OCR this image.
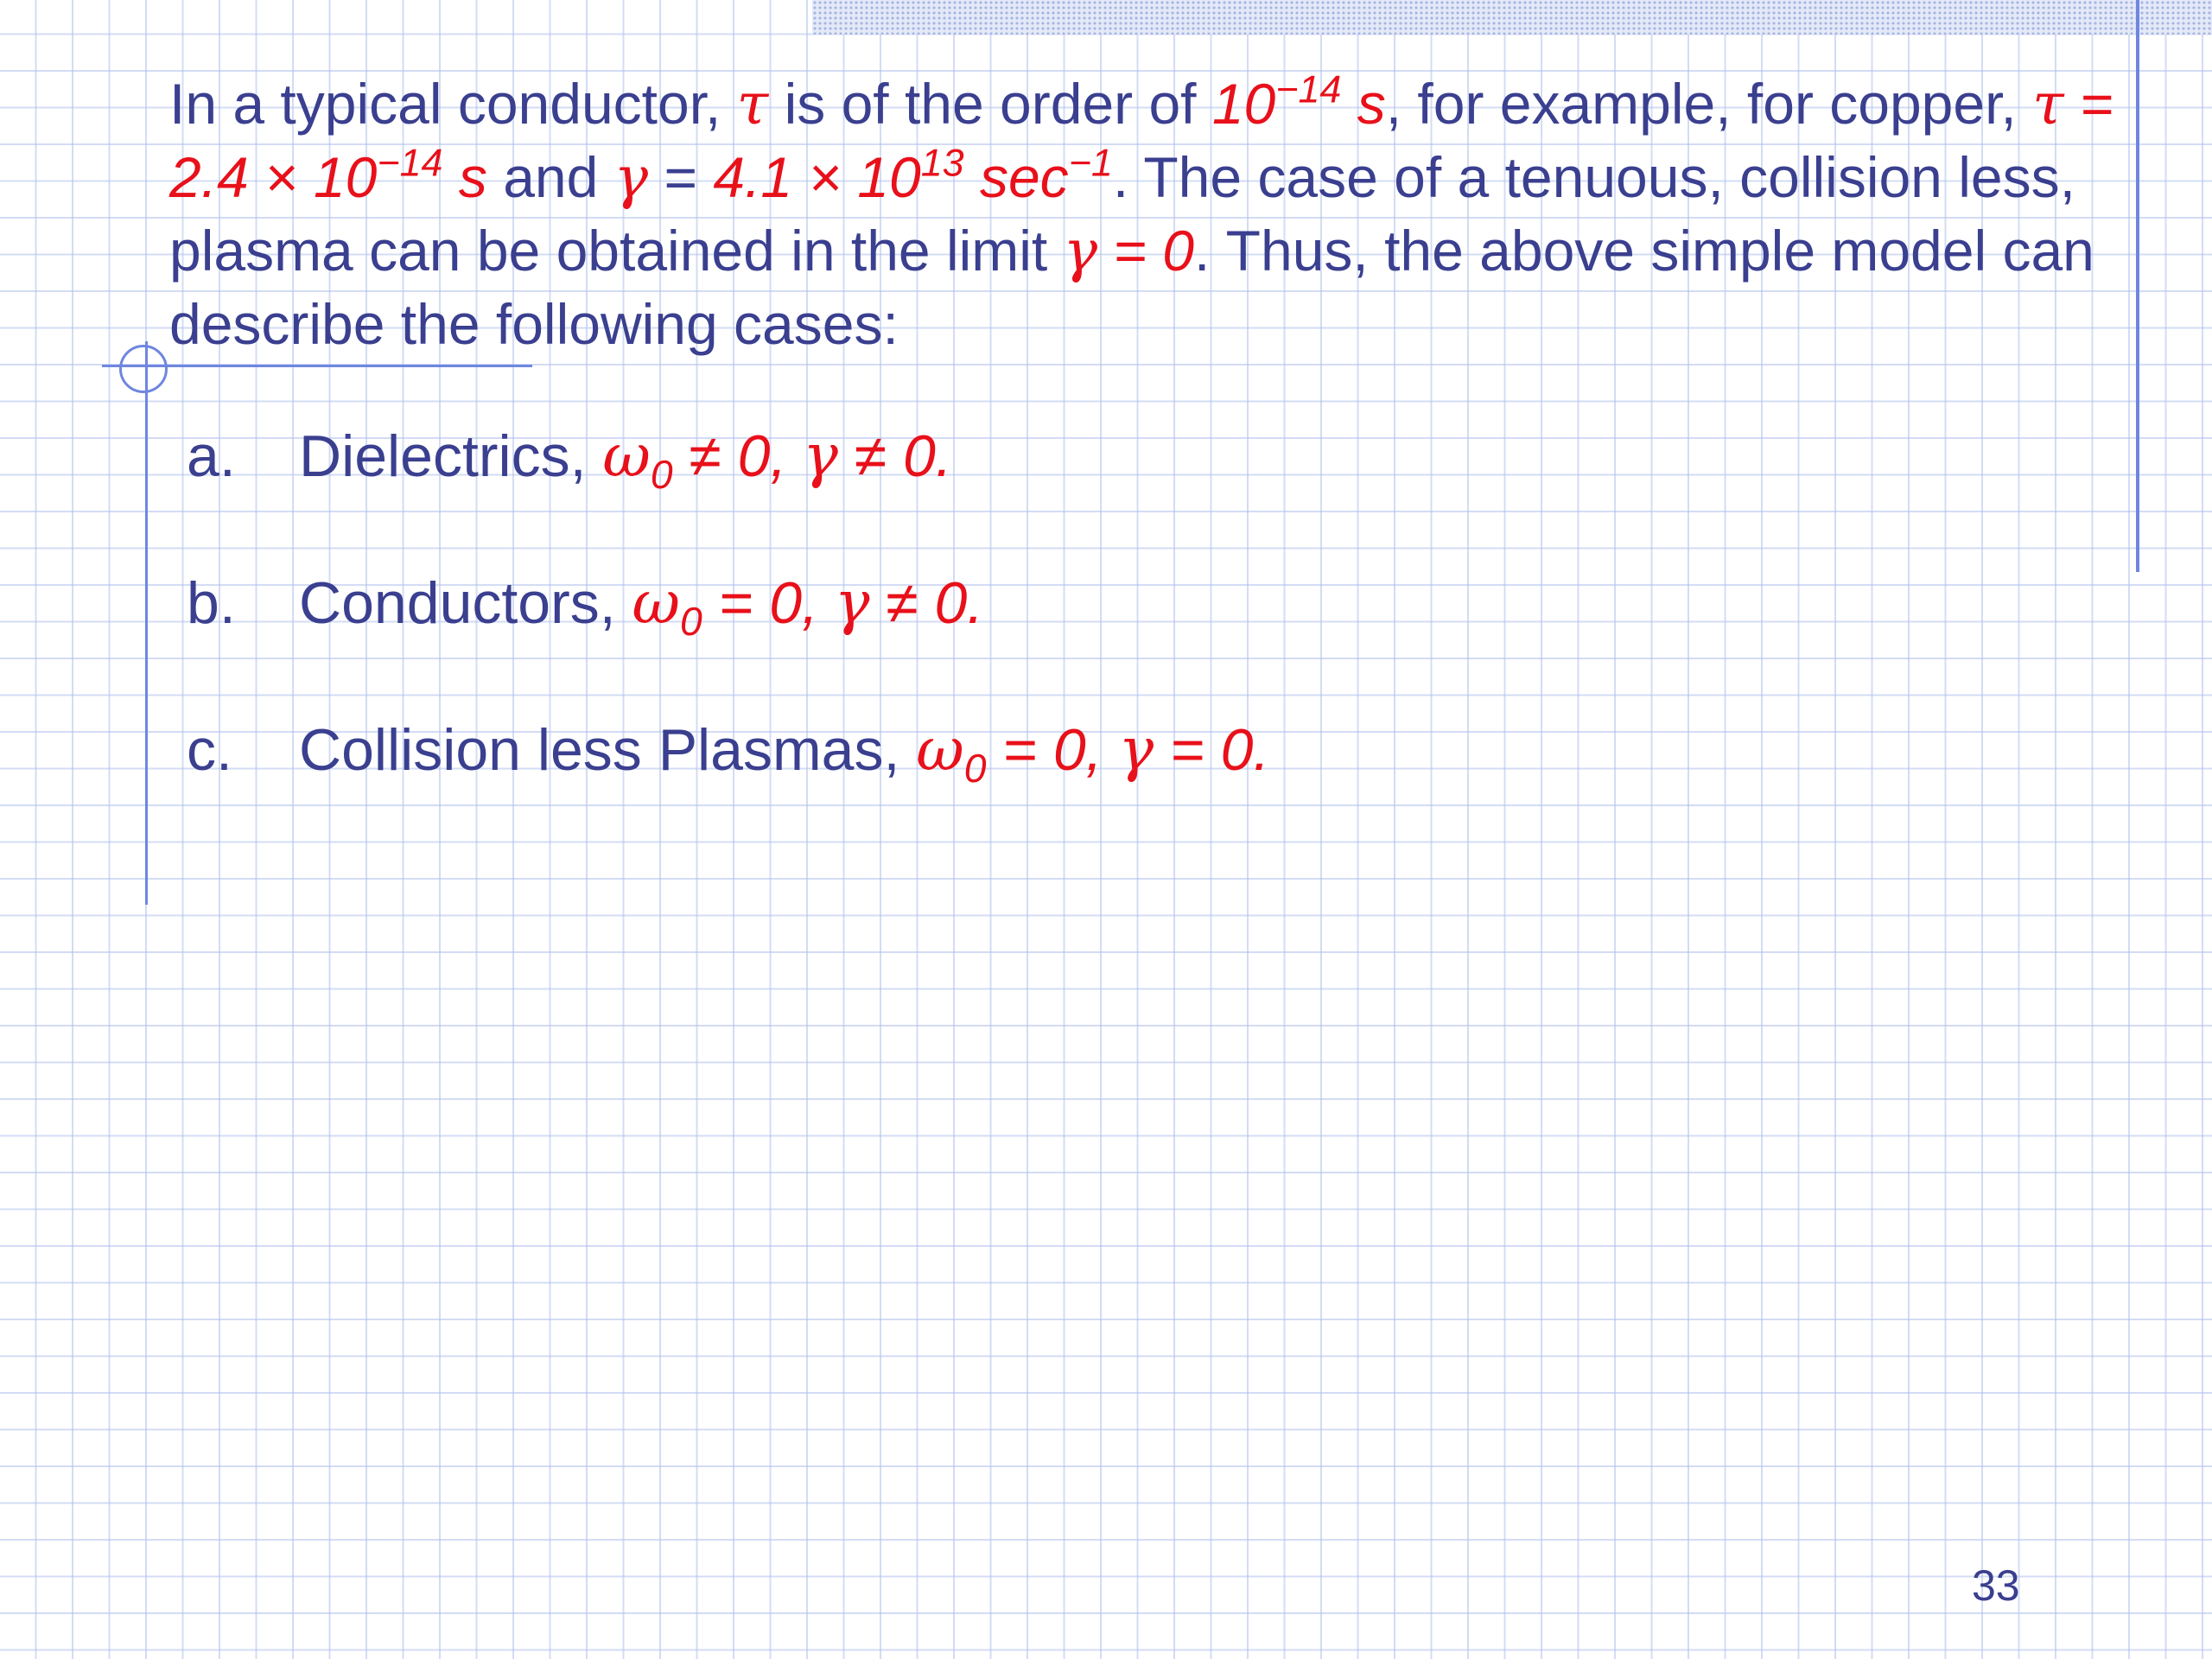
In a typical conductor, τ is of the order of $10^{-14}$ s, for example, for copper, $\tau = 2.4 \times 10^{-14}$ s and $\gamma = 4.1 \times 10^{13}$ $\sec^{-1}$. The case of a tenuous, collision less, plasma can be obtained in the limit γ = 0. Thus, the above simple model can describe the following cases:

a. Dielectrics, $\omega_0 \ne 0$, γ ≠ 0.
b. Conductors, $\omega_0 = 0$, γ ≠ 0.
c. Collision less Plasmas, $\omega_0 = 0$, γ = 0.
33
